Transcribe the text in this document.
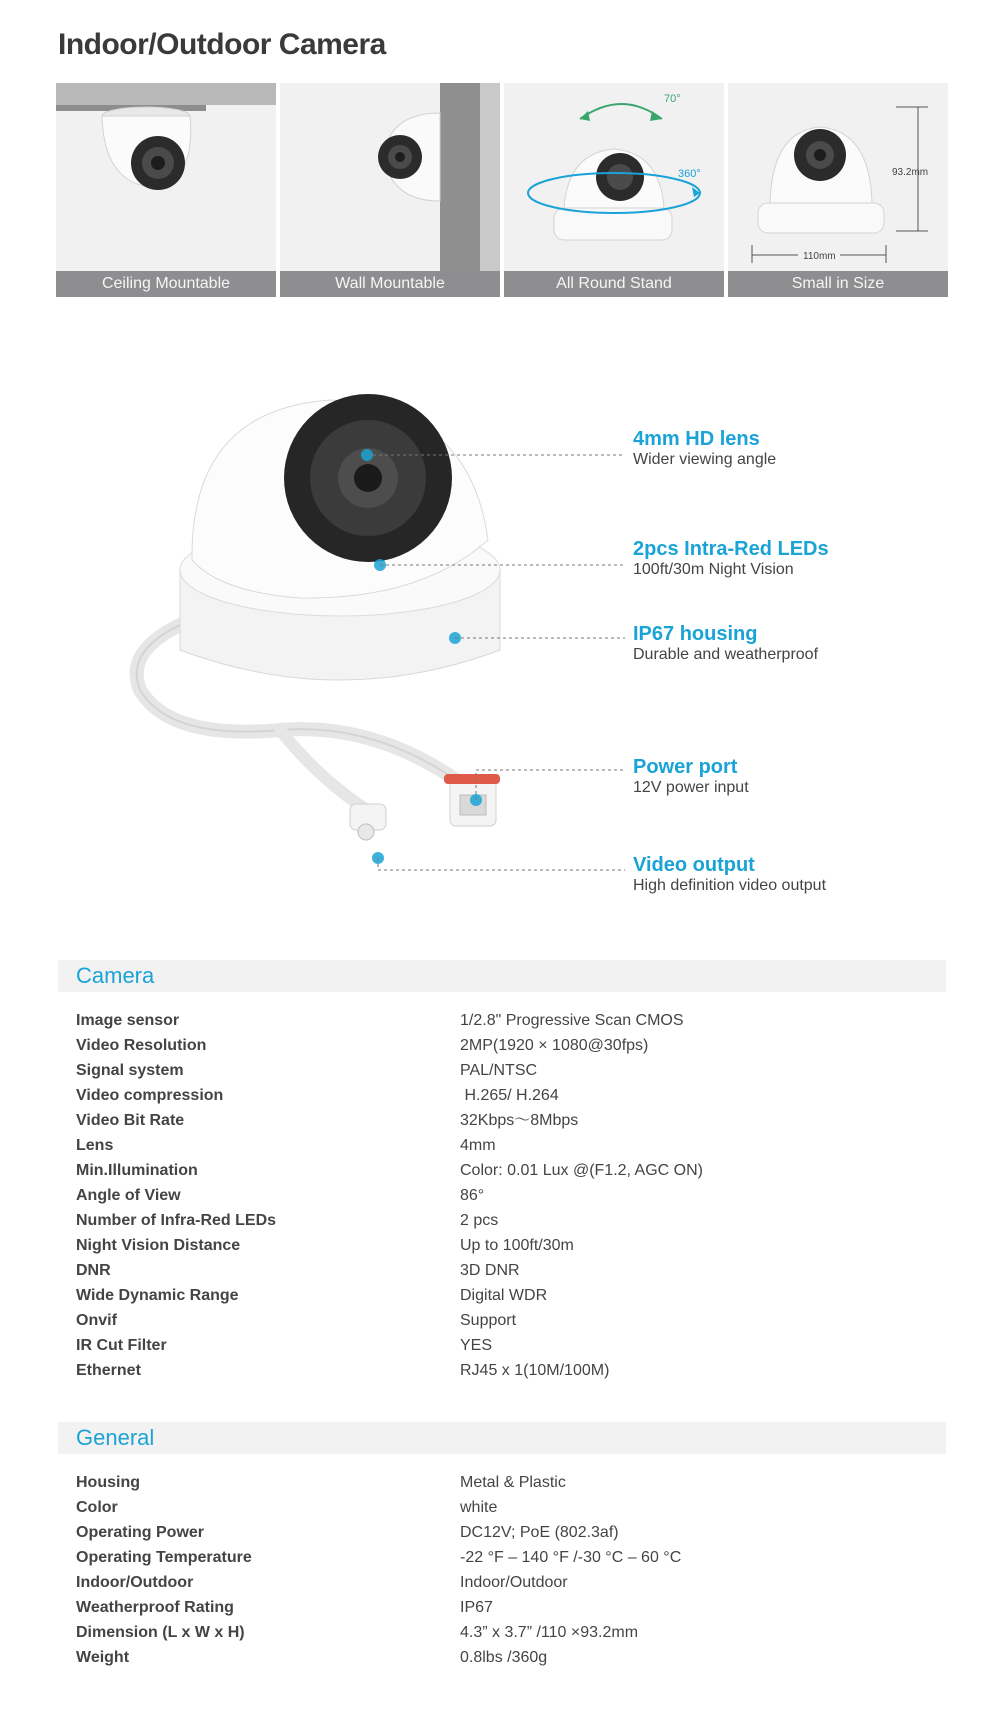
Indoor/Outdoor Camera
Ceiling Mountable	Wall Mountable
70°
360°
All Round Stand
93.2mm
110mm
Small in Size
4mm HD lens
Wider viewing angle
2pcs Intra-Red LEDs
100ft/30m Night Vision
IP67 housing
Durable and weatherproof
Power port
12V power input
Video output
High definition video output
Camera
Image sensor	1/2.8" Progressive Scan CMOS
Video Resolution	2MP(1920 × 1080@30fps)
Signal system	PAL/NTSC
Video compression	H.265/ H.264
Video Bit Rate	32Kbps～8Mbps
Lens	4mm
Min.Illumination	Color: 0.01 Lux @(F1.2, AGC ON)
Angle of View	86°
Number of Infra-Red LEDs	2 pcs
Night Vision Distance	Up to 100ft/30m
DNR	3D DNR
Wide Dynamic Range	Digital WDR
Onvif	Support
IR Cut Filter	YES
Ethernet	RJ45 x 1(10M/100M)
General
Housing	Metal & Plastic
Color	white
Operating Power	DC12V; PoE (802.3af)
Operating Temperature	-22 °F – 140 °F /-30 °C – 60 °C
Indoor/Outdoor	Indoor/Outdoor
Weatherproof Rating	IP67
Dimension (L x W x H)	4.3” x 3.7” /110 ×93.2mm
Weight	0.8lbs /360g
